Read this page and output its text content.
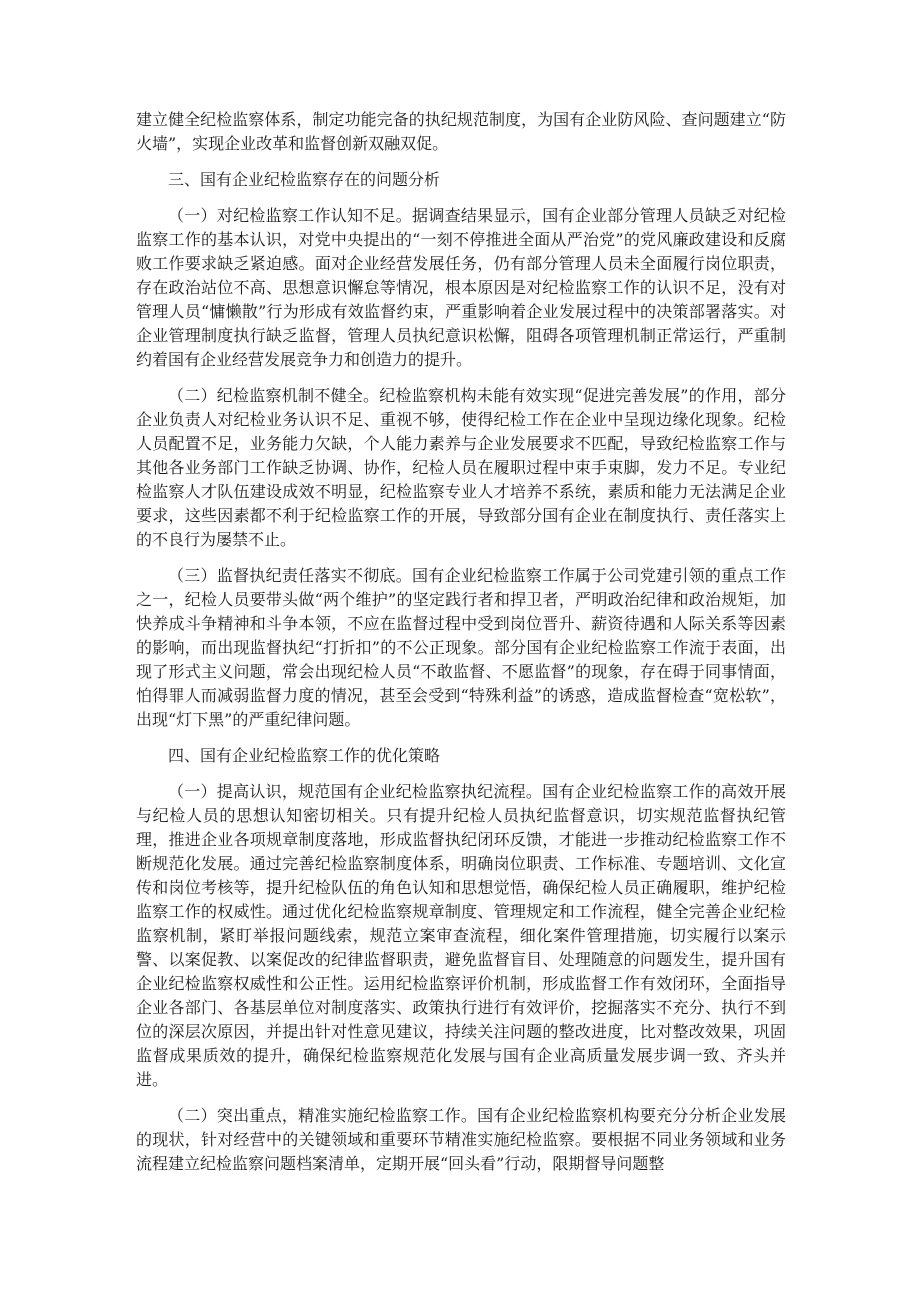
建立健全纪检监察体系，制定功能完备的执纪规范制度，为国有企业防风险、查问题建立“防火墙”，实现企业改革和监督创新双融双促。

三、国有企业纪检监察存在的问题分析

（一）对纪检监察工作认知不足。据调查结果显示，国有企业部分管理人员缺乏对纪检监察工作的基本认识，对党中央提出的“一刻不停推进全面从严治党”的党风廉政建设和反腐败工作要求缺乏紧迫感。面对企业经营发展任务，仍有部分管理人员未全面履行岗位职责，存在政治站位不高、思想意识懈怠等情况，根本原因是对纪检监察工作的认识不足，没有对管理人员“慵懒散”行为形成有效监督约束，严重影响着企业发展过程中的决策部署落实。对企业管理制度执行缺乏监督，管理人员执纪意识松懈，阻碍各项管理机制正常运行，严重制约着国有企业经营发展竞争力和创造力的提升。

（二）纪检监察机制不健全。纪检监察机构未能有效实现“促进完善发展”的作用，部分企业负责人对纪检业务认识不足、重视不够，使得纪检工作在企业中呈现边缘化现象。纪检人员配置不足，业务能力欠缺，个人能力素养与企业发展要求不匹配，导致纪检监察工作与其他各业务部门工作缺乏协调、协作，纪检人员在履职过程中束手束脚，发力不足。专业纪检监察人才队伍建设成效不明显，纪检监察专业人才培养不系统，素质和能力无法满足企业要求，这些因素都不利于纪检监察工作的开展，导致部分国有企业在制度执行、责任落实上的不良行为屡禁不止。

（三）监督执纪责任落实不彻底。国有企业纪检监察工作属于公司党建引领的重点工作之一，纪检人员要带头做“两个维护”的坚定践行者和捍卫者，严明政治纪律和政治规矩，加快养成斗争精神和斗争本领，不应在监督过程中受到岗位晋升、薪资待遇和人际关系等因素的影响，而出现监督执纪“打折扣”的不公正现象。部分国有企业纪检监察工作流于表面，出现了形式主义问题，常会出现纪检人员“不敢监督、不愿监督”的现象，存在碍于同事情面，怕得罪人而减弱监督力度的情况，甚至会受到“特殊利益”的诱惑，造成监督检查“宽松软”，出现“灯下黑”的严重纪律问题。

四、国有企业纪检监察工作的优化策略

（一）提高认识，规范国有企业纪检监察执纪流程。国有企业纪检监察工作的高效开展与纪检人员的思想认知密切相关。只有提升纪检人员执纪监督意识，切实规范监督执纪管理，推进企业各项规章制度落地，形成监督执纪闭环反馈，才能进一步推动纪检监察工作不断规范化发展。通过完善纪检监察制度体系，明确岗位职责、工作标准、专题培训、文化宣传和岗位考核等，提升纪检队伍的角色认知和思想觉悟，确保纪检人员正确履职，维护纪检监察工作的权威性。通过优化纪检监察规章制度、管理规定和工作流程，健全完善企业纪检监察机制，紧盯举报问题线索，规范立案审查流程，细化案件管理措施，切实履行以案示警、以案促教、以案促改的纪律监督职责，避免监督盲目、处理随意的问题发生，提升国有企业纪检监察权威性和公正性。运用纪检监察评价机制，形成监督工作有效闭环，全面指导企业各部门、各基层单位对制度落实、政策执行进行有效评价，挖掘落实不充分、执行不到位的深层次原因，并提出针对性意见建议，持续关注问题的整改进度，比对整改效果，巩固监督成果质效的提升，确保纪检监察规范化发展与国有企业高质量发展步调一致、齐头并进。

（二）突出重点，精准实施纪检监察工作。国有企业纪检监察机构要充分分析企业发展的现状，针对经营中的关键领域和重要环节精准实施纪检监察。要根据不同业务领域和业务流程建立纪检监察问题档案清单，定期开展“回头看”行动，限期督导问题整
